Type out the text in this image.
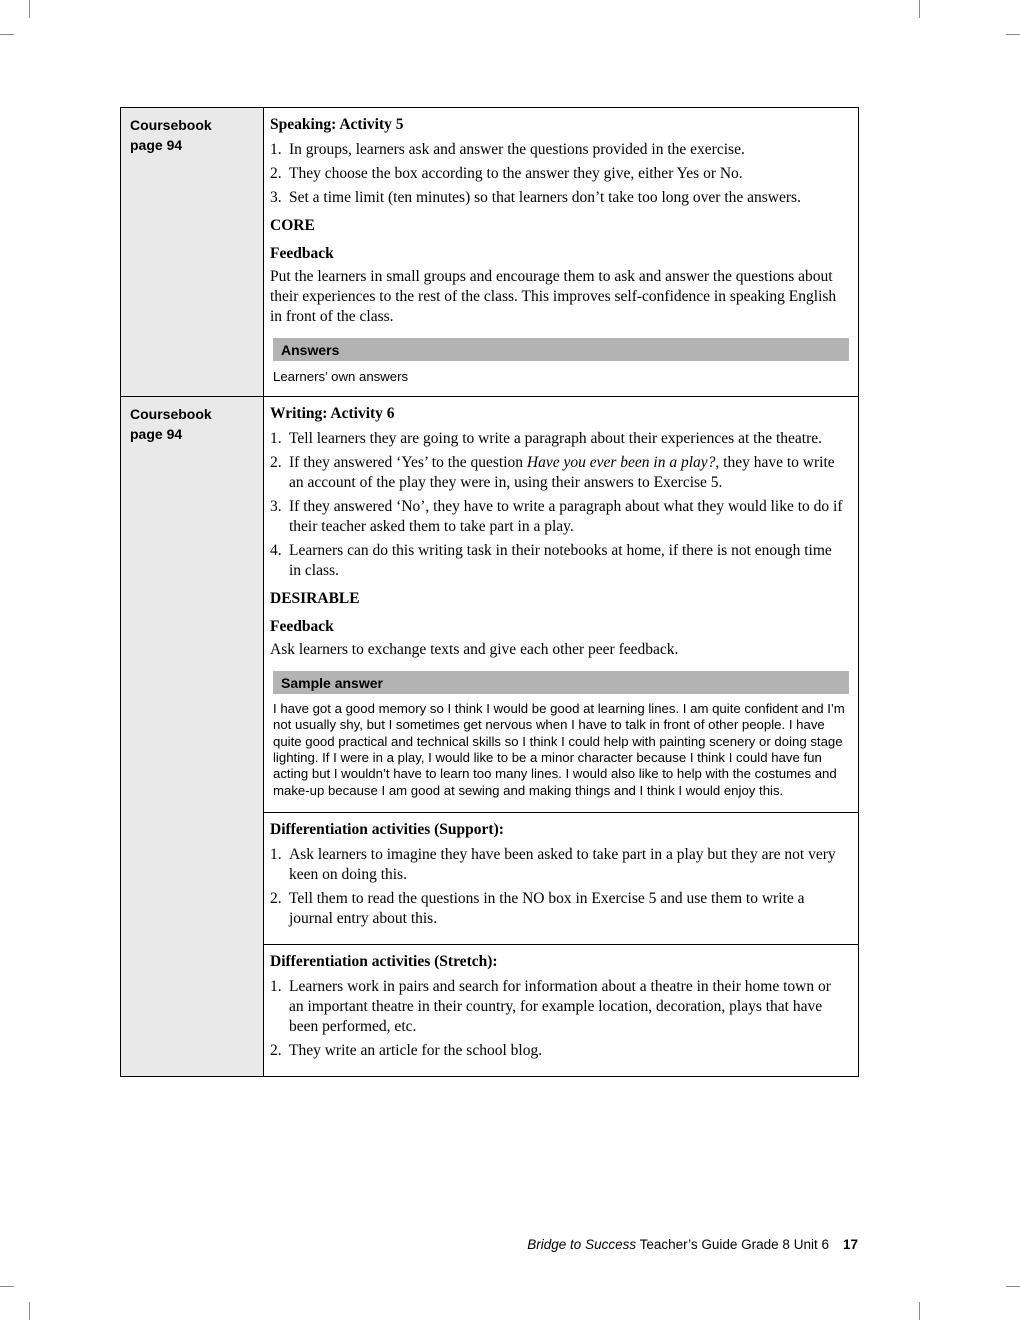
Coursebook
page 94
Speaking: Activity 5
1. In groups, learners ask and answer the questions provided in the exercise.
2. They choose the box according to the answer they give, either Yes or No.
3. Set a time limit (ten minutes) so that learners don’t take too long over the answers.
CORE
Feedback
Put the learners in small groups and encourage them to ask and answer the questions about their experiences to the rest of the class. This improves self-confidence in speaking English in front of the class.
Answers
Learners’ own answers
Coursebook
page 94
Writing: Activity 6
1. Tell learners they are going to write a paragraph about their experiences at the theatre.
2. If they answered ‘Yes’ to the question Have you ever been in a play?, they have to write an account of the play they were in, using their answers to Exercise 5.
3. If they answered ‘No’, they have to write a paragraph about what they would like to do if their teacher asked them to take part in a play.
4. Learners can do this writing task in their notebooks at home, if there is not enough time in class.
DESIRABLE
Feedback
Ask learners to exchange texts and give each other peer feedback.
Sample answer
I have got a good memory so I think I would be good at learning lines. I am quite confident and I’m not usually shy, but I sometimes get nervous when I have to talk in front of other people. I have quite good practical and technical skills so I think I could help with painting scenery or doing stage lighting. If I were in a play, I would like to be a minor character because I think I could have fun acting but I wouldn’t have to learn too many lines. I would also like to help with the costumes and make-up because I am good at sewing and making things and I think I would enjoy this.
Differentiation activities (Support):
1. Ask learners to imagine they have been asked to take part in a play but they are not very keen on doing this.
2. Tell them to read the questions in the NO box in Exercise 5 and use them to write a journal entry about this.
Differentiation activities (Stretch):
1. Learners work in pairs and search for information about a theatre in their home town or an important theatre in their country, for example location, decoration, plays that have been performed, etc.
2. They write an article for the school blog.
Bridge to Success Teacher’s Guide Grade 8 Unit 6 17
